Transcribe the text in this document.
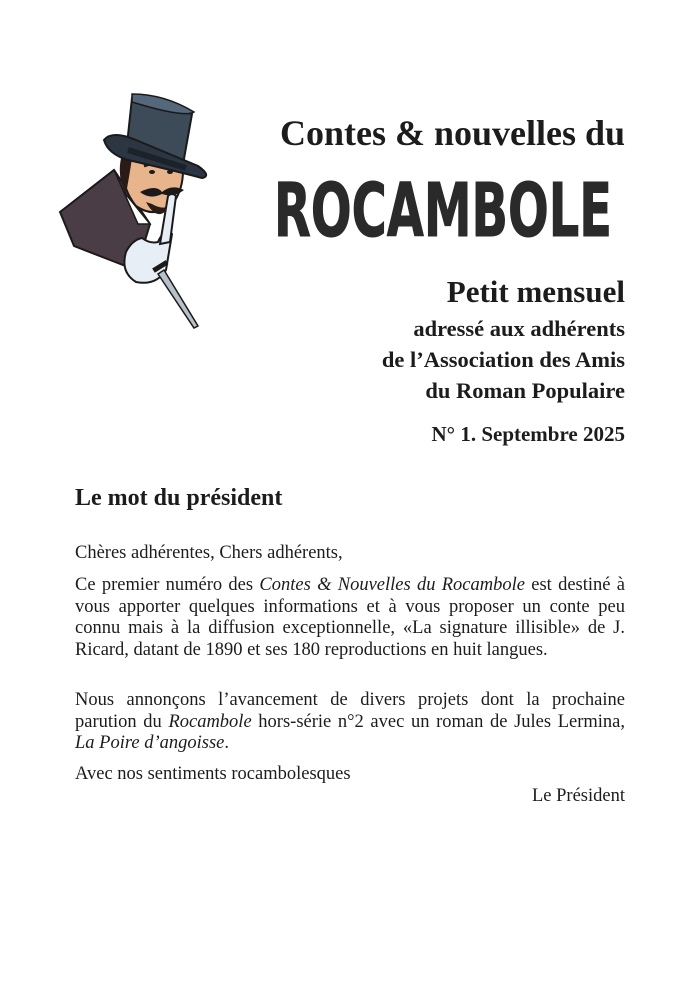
Contes & nouvelles du
ROCAMBOLE
Petit mensuel
adressé aux adhérents
de l’Association des Amis
du Roman Populaire
N° 1. Septembre 2025
Le mot du président

Chères adhérentes, Chers adhérents,

Ce premier numéro des Contes & Nouvelles du Rocambole est destiné à vous apporter quelques informations et à vous proposer un conte peu connu mais à la diffusion exceptionnelle, «La signature illisible» de J. Ricard, datant de 1890 et ses 180 reproductions en huit langues.

Nous annonçons l’avancement de divers projets dont la prochaine parution du Rocambole hors-série n°2 avec un roman de Jules Lermina, La Poire d’angoisse.

Avec nos sentiments rocambolesques

Le Président
